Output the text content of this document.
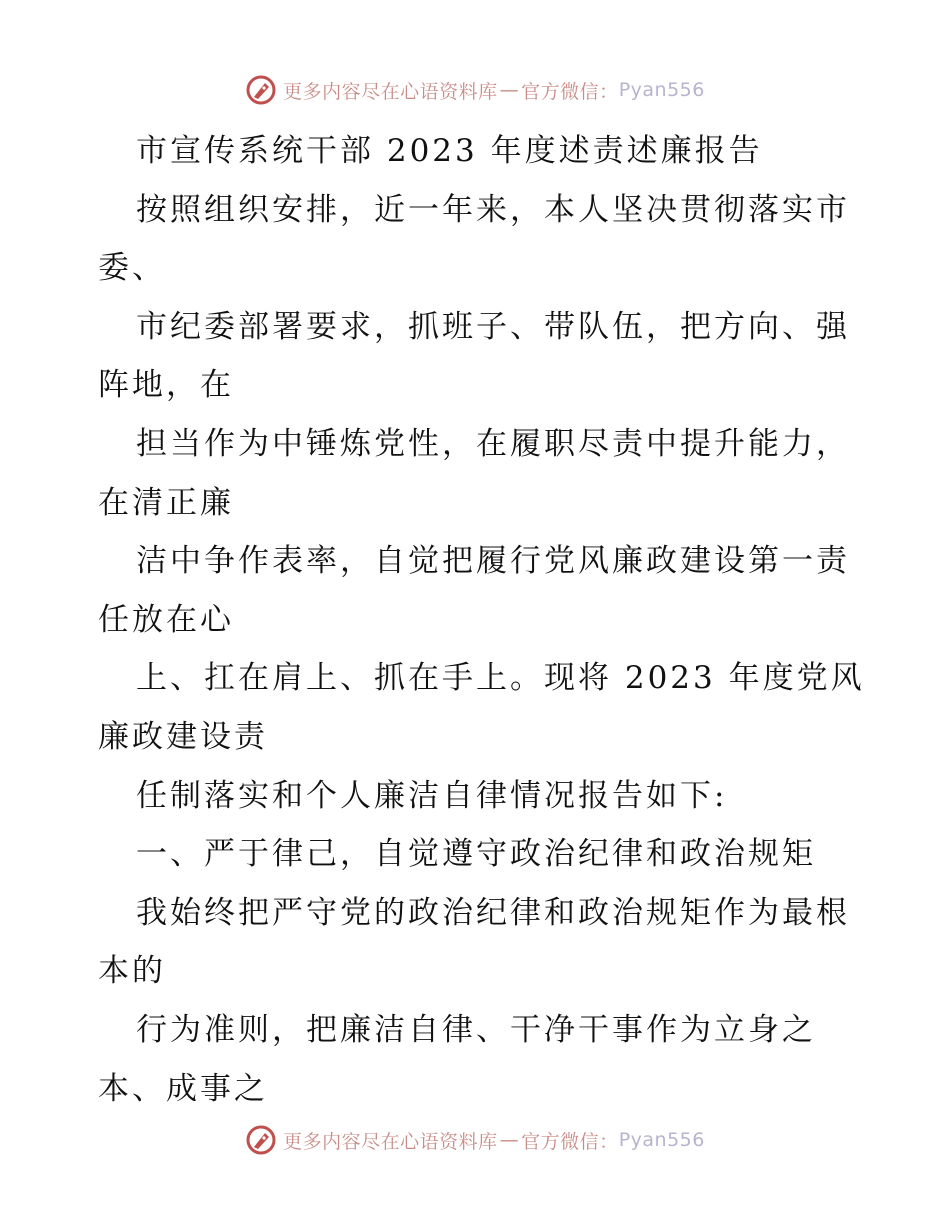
更多内容尽在心语资料库 — 官方微信： Pyan556
市宣传系统干部 2023 年度述责述廉报告
按照组织安排，近一年来，本人坚决贯彻落实市
委、
市纪委部署要求，抓班子、带队伍，把方向、强
阵地，在
担当作为中锤炼党性，在履职尽责中提升能力，
在清正廉
洁中争作表率，自觉把履行党风廉政建设第一责
任放在心
上、扛在肩上、抓在手上。现将 2023 年度党风
廉政建设责
任制落实和个人廉洁自律情况报告如下:
一、严于律己，自觉遵守政治纪律和政治规矩
我始终把严守党的政治纪律和政治规矩作为最根
本的
行为准则，把廉洁自律、干净干事作为立身之
本、成事之
更多内容尽在心语资料库 — 官方微信： Pyan556
